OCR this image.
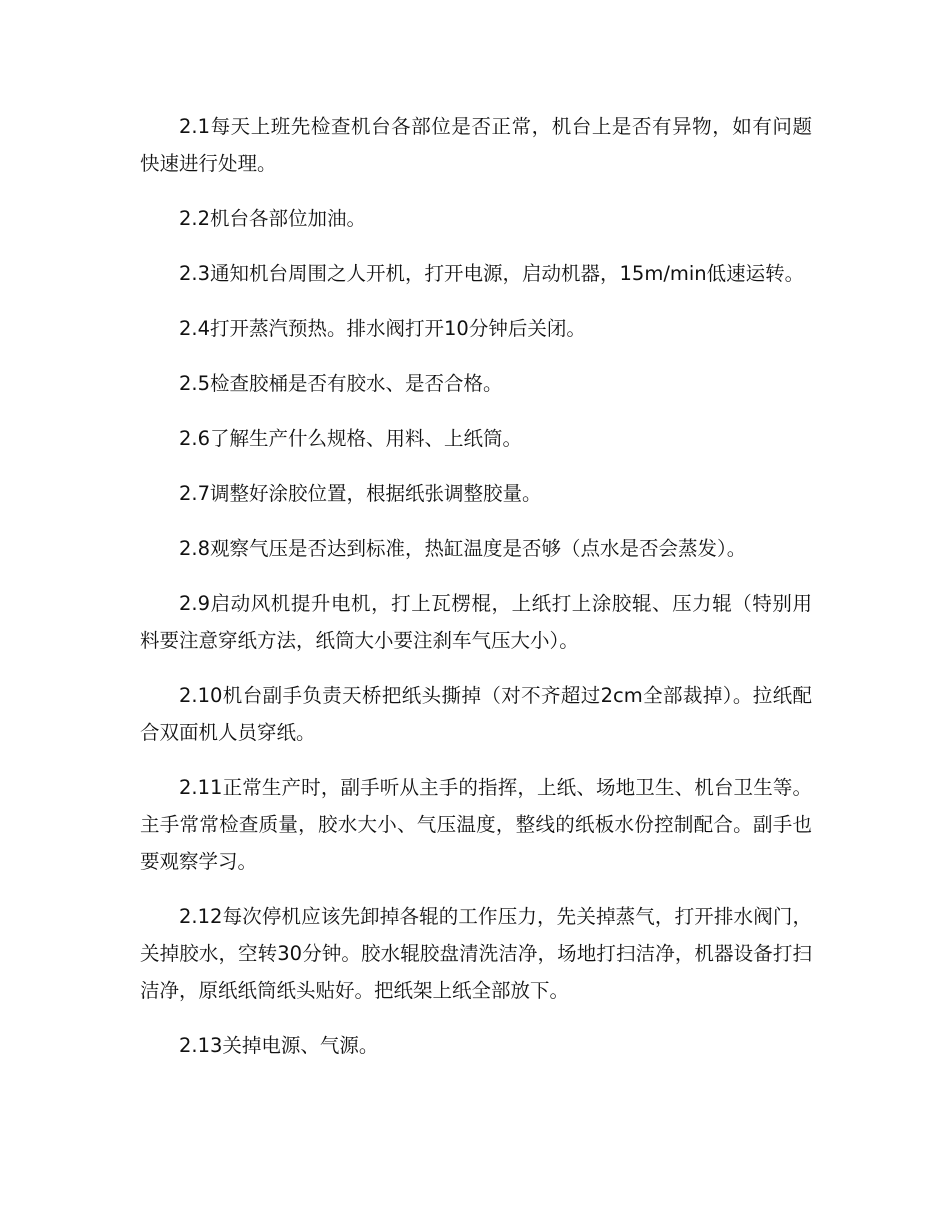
2.1每天上班先检查机台各部位是否正常，机台上是否有异物，如有问题快速进行处理。

2.2机台各部位加油。

2.3通知机台周围之人开机，打开电源，启动机器，15m/min低速运转。

2.4打开蒸汽预热。排水阀打开10分钟后关闭。

2.5检查胶桶是否有胶水、是否合格。

2.6了解生产什么规格、用料、上纸筒。

2.7调整好涂胶位置，根据纸张调整胶量。

2.8观察气压是否达到标准，热缸温度是否够（点水是否会蒸发）。

2.9启动风机提升电机，打上瓦楞棍，上纸打上涂胶辊、压力辊（特别用料要注意穿纸方法，纸筒大小要注刹车气压大小）。

2.10机台副手负责天桥把纸头撕掉（对不齐超过2cm全部裁掉）。拉纸配合双面机人员穿纸。

2.11正常生产时，副手听从主手的指挥，上纸、场地卫生、机台卫生等。主手常常检查质量，胶水大小、气压温度，整线的纸板水份控制配合。副手也要观察学习。

2.12每次停机应该先卸掉各辊的工作压力，先关掉蒸气，打开排水阀门，关掉胶水，空转30分钟。胶水辊胶盘清洗洁净，场地打扫洁净，机器设备打扫洁净，原纸纸筒纸头贴好。把纸架上纸全部放下。

2.13关掉电源、气源。
